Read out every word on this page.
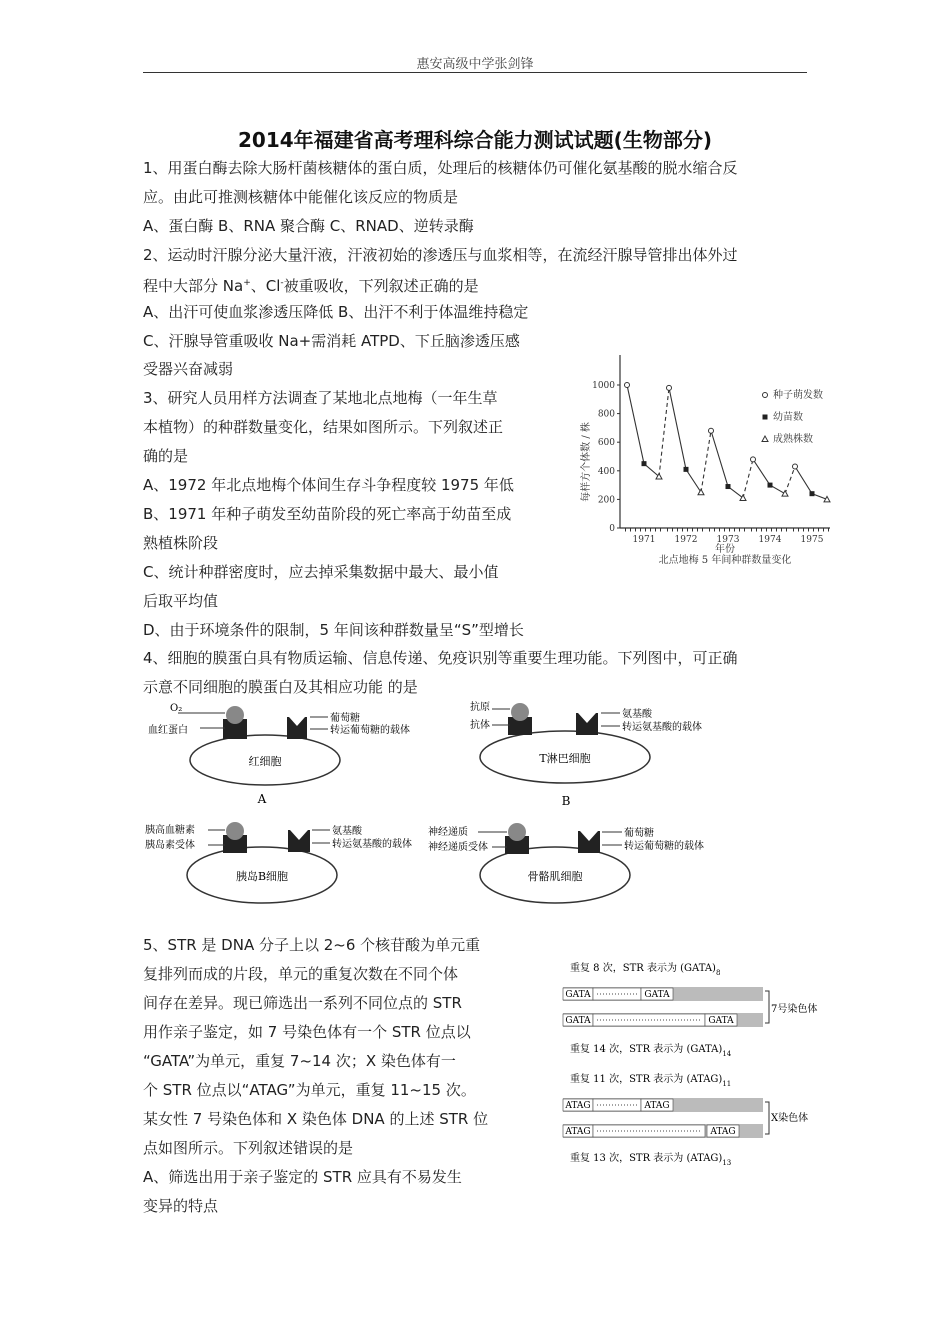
惠安高级中学张剑锋
2014年福建省高考理科综合能力测试试题(生物部分)
1、用蛋白酶去除大肠杆菌核糖体的蛋白质，处理后的核糖体仍可催化氨基酸的脱水缩合反
应。由此可推测核糖体中能催化该反应的物质是
A、蛋白酶 B、RNA 聚合酶 C、RNAD、逆转录酶
2、运动时汗腺分泌大量汗液，汗液初始的渗透压与血浆相等，在流经汗腺导管排出体外过
程中大部分 Na+、Cl-被重吸收，下列叙述正确的是
A、出汗可使血浆渗透压降低 B、出汗不利于体温维持稳定
C、汗腺导管重吸收 Na+需消耗 ATPD、下丘脑渗透压感
受器兴奋减弱
3、研究人员用样方法调查了某地北点地梅（一年生草
本植物）的种群数量变化，结果如图所示。下列叙述正
确的是
A、1972 年北点地梅个体间生存斗争程度较 1975 年低
B、1971 年种子萌发至幼苗阶段的死亡率高于幼苗至成
熟植株阶段
C、统计种群密度时，应去掉采集数据中最大、最小值
后取平均值
D、由于环境条件的限制，5 年间该种群数量呈“S”型增长
每样方个体数 / 株
0
200
400
600
800
1000
1971 1972 1973 1974 1975
种子萌发数
幼苗数
成熟株数
年份
北点地梅 5 年间种群数量变化
4、细胞的膜蛋白具有物质运输、信息传递、免疫识别等重要生理功能。下列图中，可正确
示意不同细胞的膜蛋白及其相应功能 的是
红细胞
O₂
血红蛋白
葡萄糖
转运葡萄糖的载体
A
T淋巴细胞
抗原
抗体
氨基酸
转运氨基酸的载体
B
胰岛B细胞
胰高血糖素
胰岛素受体
氨基酸
转运氨基酸的载体
骨骼肌细胞
神经递质
神经递质受体
葡萄糖
转运葡萄糖的载体
5、STR 是 DNA 分子上以 2~6 个核苷酸为单元重
复排列而成的片段，单元的重复次数在不同个体
间存在差异。现已筛选出一系列不同位点的 STR
用作亲子鉴定，如 7 号染色体有一个 STR 位点以
“GATA”为单元，重复 7~14 次；X 染色体有一
个 STR 位点以“ATAG”为单元，重复 11~15 次。
某女性 7 号染色体和 X 染色体 DNA 的上述 STR 位
点如图所示。下列叙述错误的是
A、筛选出用于亲子鉴定的 STR 应具有不易发生
变异的特点
重复 8 次，STR 表示为 $(GATA)_8$
GATA	GATA
GATA	GATA
7号染色体
重复 14 次，STR 表示为 $(GATA)_{14}$
重复 11 次，STR 表示为 $(ATAG)_{11}$
ATAG	ATAG
ATAG	ATAG
X染色体
重复 13 次，STR 表示为 $(ATAG)_{13}$
